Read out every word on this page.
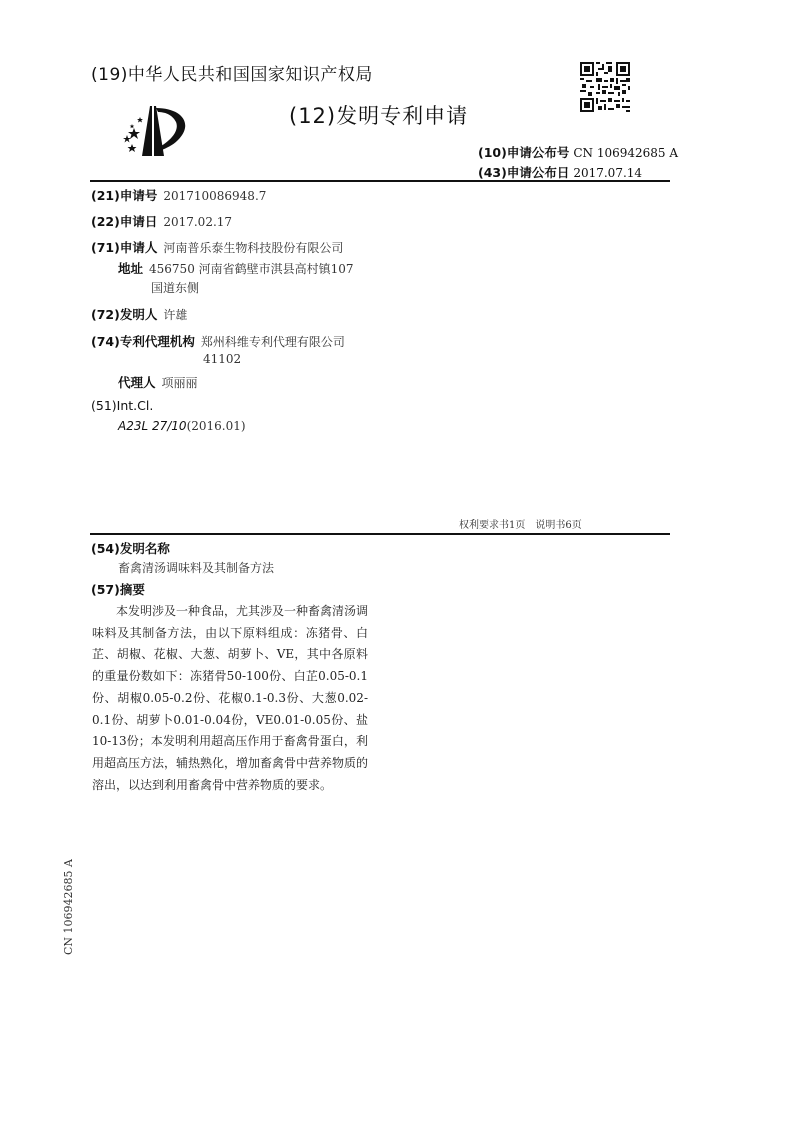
(19)中华人民共和国国家知识产权局
(12)发明专利申请
(10)申请公布号 CN 106942685 A
(43)申请公布日 2017.07.14
(21)申请号 201710086948.7
(22)申请日 2017.02.17
(71)申请人 河南普乐泰生物科技股份有限公司
地址 456750 河南省鹤壁市淇县高村镇107
国道东侧
(72)发明人 许雄
(74)专利代理机构 郑州科维专利代理有限公司
41102
代理人 项丽丽
(51)Int.Cl.
A23L 27/10(2016.01)
权利要求书1页　说明书6页
(54)发明名称
畜禽清汤调味料及其制备方法
(57)摘要
本发明涉及一种食品，尤其涉及一种畜禽清汤调味料及其制备方法，由以下原料组成：冻猪骨、白芷、胡椒、花椒、大葱、胡萝卜、VE，其中各原料的重量份数如下：冻猪骨50-100份、白芷0.05-0.1份、胡椒0.05-0.2份、花椒0.1-0.3份、大葱0.02-0.1份、胡萝卜0.01-0.04份，VE0.01-0.05份、盐10-13份；本发明利用超高压作用于畜禽骨蛋白，利用超高压方法，辅热熟化，增加畜禽骨中营养物质的溶出，以达到利用畜禽骨中营养物质的要求。
CN 106942685 A
